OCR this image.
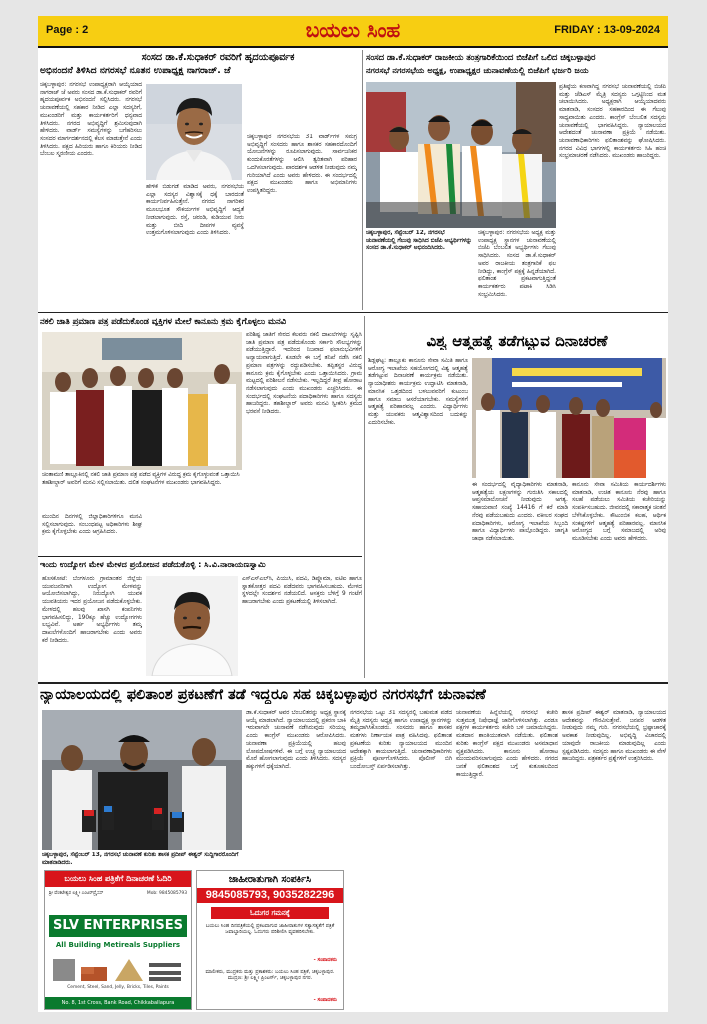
Page : 2	ಬಯಲು ಸಿಂಹ	FRIDAY : 13-09-2024
ಸಂಸದ ಡಾ.ಕೆ.ಸುಧಾಕರ್ ರವರಿಗೆ ಹೃದಯಪೂರ್ವಕ
ಅಭಿನಂದನೆ ತಿಳಿಸಿದ ನಗರಸಭೆ ನೂತನ ಉಪಾಧ್ಯಕ್ಷ ನಾಗರಾಜ್. ಜೆ
ಚಿಕ್ಕಬಳ್ಳಾಪುರ: ನಗರಸಭೆ ಉಪಾಧ್ಯಕ್ಷರಾಗಿ ಆಯ್ಕೆಯಾದ ನಾಗರಾಜ್ ಜೆ ಅವರು ಸಂಸದ ಡಾ.ಕೆ.ಸುಧಾಕರ್ ರವರಿಗೆ ಹೃದಯಪೂರ್ವಕ ಅಭಿನಂದನೆ ಸಲ್ಲಿಸಿದರು. ನಗರಸಭೆ ಚುನಾವಣೆಯಲ್ಲಿ ಸಹಕಾರ ನೀಡಿದ ಎಲ್ಲಾ ಸದಸ್ಯರಿಗೆ, ಮುಖಂಡರಿಗೆ ಮತ್ತು ಕಾರ್ಯಕರ್ತರಿಗೆ ಧನ್ಯವಾದ ತಿಳಿಸಿದರು. ನಗರದ ಅಭಿವೃದ್ಧಿಗೆ ಶ್ರಮಿಸುವುದಾಗಿ ಹೇಳಿದರು. ವಾರ್ಡ್ ಸಮಸ್ಯೆಗಳನ್ನು ಬಗೆಹರಿಸಲು ಸಂಸದರ ಮಾರ್ಗದರ್ಶನದಲ್ಲಿ ಕೆಲಸ ಮಾಡುತ್ತೇನೆ ಎಂದು ತಿಳಿಸಿದರು. ಪಕ್ಷದ ಹಿರಿಯರು ಹಾಗೂ ಕಿರಿಯರು ನೀಡಿದ ಬೆಂಬಲ ಸ್ಮರಣೀಯ ಎಂದರು.
ಹೇಳಿಕೆ ಬಿಡುಗಡೆ ಮಾಡಿದ ಅವರು, ನಗರಸಭೆಯ ಎಲ್ಲಾ ಸದಸ್ಯರ ವಿಶ್ವಾಸಕ್ಕೆ ಧಕ್ಕೆ ಬಾರದಂತೆ ಕಾರ್ಯನಿರ್ವಹಿಸುತ್ತೇನೆ. ನಗರದ ನಾಗರಿಕರ ಮೂಲಭೂತ ಸೌಕರ್ಯಗಳ ಅಭಿವೃದ್ಧಿಗೆ ಆದ್ಯತೆ ನೀಡಲಾಗುವುದು. ರಸ್ತೆ, ಚರಂಡಿ, ಕುಡಿಯುವ ನೀರು ಮತ್ತು ಬೀದಿ ದೀಪಗಳ ವ್ಯವಸ್ಥೆ ಉತ್ತಮಗೊಳಿಸಲಾಗುವುದು ಎಂದು ತಿಳಿಸಿದರು.
ಚಿಕ್ಕಬಳ್ಳಾಪುರ ನಗರಸಭೆಯ 31 ವಾರ್ಡ್‌ಗಳ ಸಮಗ್ರ ಅಭಿವೃದ್ಧಿಗೆ ಸಂಸದರು ಹಾಗೂ ಶಾಸಕರ ಸಹಕಾರದೊಂದಿಗೆ ಯೋಜನೆಗಳನ್ನು ರೂಪಿಸಲಾಗುವುದು. ಸಾರ್ವಜನಿಕರ ಕುಂದುಕೊರತೆಗಳನ್ನು ಆಲಿಸಿ ತ್ವರಿತವಾಗಿ ಪರಿಹಾರ ಒದಗಿಸಲಾಗುವುದು. ಪಾರದರ್ಶಕ ಆಡಳಿತ ನೀಡುವುದು ನಮ್ಮ ಗುರಿಯಾಗಿದೆ ಎಂದು ಅವರು ಹೇಳಿದರು. ಈ ಸಂದರ್ಭದಲ್ಲಿ ಪಕ್ಷದ ಮುಖಂಡರು ಹಾಗೂ ಅಭಿಮಾನಿಗಳು ಉಪಸ್ಥಿತರಿದ್ದರು.
ಸಂಸದ ಡಾ.ಕೆ.ಸುಧಾಕರ್ ರಾಜಕೀಯ ತಂತ್ರಗಾರಿಕೆಯಿಂದ ಬಿಜೆಪಿಗೆ ಒಲಿದ ಚಿಕ್ಕಬಳ್ಳಾಪುರ
ನಗರಸಭೆ ನಗರಸಭೆಯ ಅಧ್ಯಕ್ಷ, ಉಪಾಧ್ಯಕ್ಷರ ಚುನಾವಣೆಯಲ್ಲಿ ಬಿಜೆಪಿಗೆ ಭರ್ಜರಿ ಜಯ
ಚಿಕ್ಕಬಳ್ಳಾಪುರ, ಸೆಪ್ಟೆಂಬರ್ 12, ನಗರಸಭೆ ಚುನಾವಣೆಯಲ್ಲಿ ಗೆಲುವು ಸಾಧಿಸಿದ ಬಿಜೆಪಿ ಅಭ್ಯರ್ಥಿಗಳನ್ನು ಸಂಸದ ಡಾ.ಕೆ.ಸುಧಾಕರ್ ಅಭಿನಂದಿಸಿದರು.
ಚಿಕ್ಕಬಳ್ಳಾಪುರ: ನಗರಸಭೆಯ ಅಧ್ಯಕ್ಷ ಮತ್ತು ಉಪಾಧ್ಯಕ್ಷ ಸ್ಥಾನಗಳ ಚುನಾವಣೆಯಲ್ಲಿ ಬಿಜೆಪಿ ಬೆಂಬಲಿತ ಅಭ್ಯರ್ಥಿಗಳು ಗೆಲುವು ಸಾಧಿಸಿದರು. ಸಂಸದ ಡಾ.ಕೆ.ಸುಧಾಕರ್ ಅವರ ರಾಜಕೀಯ ತಂತ್ರಗಾರಿಕೆ ಫಲ ನೀಡಿದ್ದು, ಕಾಂಗ್ರೆಸ್ ಪಕ್ಷಕ್ಕೆ ಹಿನ್ನಡೆಯಾಗಿದೆ. ಫಲಿತಾಂಶ ಪ್ರಕಟವಾಗುತ್ತಿದ್ದಂತೆ ಕಾರ್ಯಕರ್ತರು ಪಟಾಕಿ ಸಿಡಿಸಿ ಸಂಭ್ರಮಿಸಿದರು.
ಪ್ರತಿಷ್ಠೆಯ ಕಣವಾಗಿದ್ದ ನಗರಸಭೆ ಚುನಾವಣೆಯಲ್ಲಿ ಬಿಜೆಪಿ ಮತ್ತು ಜೆಡಿಎಸ್ ಮೈತ್ರಿ ಸದಸ್ಯರು ಒಗ್ಗಟ್ಟಿನಿಂದ ಮತ ಚಲಾಯಿಸಿದರು. ಅಧ್ಯಕ್ಷರಾಗಿ ಆಯ್ಕೆಯಾದವರು ಮಾತನಾಡಿ, ಸಂಸದರ ಸಹಕಾರದಿಂದ ಈ ಗೆಲುವು ಸಾಧ್ಯವಾಯಿತು ಎಂದರು. ಕಾಂಗ್ರೆಸ್ ಬೆಂಬಲಿತ ಸದಸ್ಯರು ಚುನಾವಣೆಯಲ್ಲಿ ಭಾಗವಹಿಸಿದ್ದರು. ನ್ಯಾಯಾಲಯದ ಆದೇಶದಂತೆ ಚುನಾವಣಾ ಪ್ರಕ್ರಿಯೆ ನಡೆಯಿತು. ಚುನಾವಣಾಧಿಕಾರಿಗಳು ಫಲಿತಾಂಶವನ್ನು ಘೋಷಿಸಿದರು. ನಗರದ ವಿವಿಧ ಭಾಗಗಳಲ್ಲಿ ಕಾರ್ಯಕರ್ತರು ಸಿಹಿ ಹಂಚಿ ಸಂಭ್ರಮಾಚರಣೆ ನಡೆಸಿದರು. ಮುಖಂಡರು ಹಾಜರಿದ್ದರು.
ನಕಲಿ ಜಾತಿ ಪ್ರಮಾಣ ಪತ್ರ ಪಡೆದುಕೊಂಡ ವ್ಯಕ್ತಿಗಳ ಮೇಲೆ ಕಾನೂನು ಕ್ರಮ ಕೈಗೊಳ್ಳಲು ಮನವಿ
ಚಿಂತಾಮಣಿ ತಾಲ್ಲೂಕಿನಲ್ಲಿ ನಕಲಿ ಜಾತಿ ಪ್ರಮಾಣ ಪತ್ರ ಪಡೆದ ವ್ಯಕ್ತಿಗಳ ವಿರುದ್ಧ ಕ್ರಮ ಕೈಗೊಳ್ಳುವಂತೆ ಒತ್ತಾಯಿಸಿ ತಹಶೀಲ್ದಾರ್ ಅವರಿಗೆ ಮನವಿ ಸಲ್ಲಿಸಲಾಯಿತು. ದಲಿತ ಸಂಘಟನೆಗಳ ಮುಖಂಡರು ಭಾಗವಹಿಸಿದ್ದರು.
ಮುಂದಿನ ದಿನಗಳಲ್ಲಿ ಜಿಲ್ಲಾಧಿಕಾರಿಗಳಿಗೂ ಮನವಿ ಸಲ್ಲಿಸಲಾಗುವುದು. ಸಂಬಂಧಪಟ್ಟ ಅಧಿಕಾರಿಗಳು ಶೀಘ್ರ ಕ್ರಮ ಕೈಗೊಳ್ಳಬೇಕು ಎಂದು ಆಗ್ರಹಿಸಿದರು.
ಪರಿಶಿಷ್ಟ ಜಾತಿಗೆ ಸೇರದ ಕೆಲವರು ನಕಲಿ ದಾಖಲೆಗಳನ್ನು ಸೃಷ್ಟಿಸಿ ಜಾತಿ ಪ್ರಮಾಣ ಪತ್ರ ಪಡೆದುಕೊಂಡು ಸರ್ಕಾರಿ ಸೌಲಭ್ಯಗಳನ್ನು ಪಡೆಯುತ್ತಿದ್ದಾರೆ. ಇದರಿಂದ ನಿಜವಾದ ಫಲಾನುಭವಿಗಳಿಗೆ ಅನ್ಯಾಯವಾಗುತ್ತಿದೆ. ಕೂಡಲೇ ಈ ಬಗ್ಗೆ ತನಿಖೆ ನಡೆಸಿ ನಕಲಿ ಪ್ರಮಾಣ ಪತ್ರಗಳನ್ನು ರದ್ದುಪಡಿಸಬೇಕು. ತಪ್ಪಿತಸ್ಥರ ವಿರುದ್ಧ ಕಾನೂನು ಕ್ರಮ ಕೈಗೊಳ್ಳಬೇಕು ಎಂದು ಒತ್ತಾಯಿಸಿದರು. ಗ್ರಾಮ ಮಟ್ಟದಲ್ಲಿ ಪರಿಶೀಲನೆ ನಡೆಸಬೇಕು. ಇಲ್ಲದಿದ್ದರೆ ತೀವ್ರ ಹೋರಾಟ ನಡೆಸಲಾಗುವುದು ಎಂದು ಮುಖಂಡರು ಎಚ್ಚರಿಸಿದರು. ಈ ಸಂದರ್ಭದಲ್ಲಿ ಸಂಘಟನೆಯ ಪದಾಧಿಕಾರಿಗಳು ಹಾಗೂ ಸದಸ್ಯರು ಹಾಜರಿದ್ದರು. ತಹಶೀಲ್ದಾರ್ ಅವರು ಮನವಿ ಸ್ವೀಕರಿಸಿ ಕ್ರಮದ ಭರವಸೆ ನೀಡಿದರು.
ಇಂದು ಉದ್ಯೋಗ ಮೇಳ ಮೇಳದ ಪ್ರಯೋಜನ ಪಡೆದುಕೊಳ್ಳಿ : ಸಿ.ವಿ.ನಾರಾಯಣಸ್ವಾಮಿ
ಹೊಸಕೋಟೆ: ಬೆಂಗಳೂರು ಗ್ರಾಮಾಂತರ ಜಿಲ್ಲೆಯ ಯುವಜನರಿಗಾಗಿ ಉದ್ಯೋಗ ಮೇಳವನ್ನು ಆಯೋಜಿಸಲಾಗಿದ್ದು, ನಿರುದ್ಯೋಗಿ ಯುವಕ ಯುವತಿಯರು ಇದರ ಪ್ರಯೋಜನ ಪಡೆದುಕೊಳ್ಳಬೇಕು. ಮೇಳದಲ್ಲಿ ಹಲವು ಖಾಸಗಿ ಕಂಪನಿಗಳು ಭಾಗವಹಿಸಲಿದ್ದು, 190ಕ್ಕೂ ಹೆಚ್ಚು ಉದ್ಯೋಗಗಳು ಲಭ್ಯವಿವೆ. ಅರ್ಹ ಅಭ್ಯರ್ಥಿಗಳು ತಮ್ಮ ದಾಖಲೆಗಳೊಂದಿಗೆ ಹಾಜರಾಗಬೇಕು ಎಂದು ಅವರು ಕರೆ ನೀಡಿದರು.
ಎಸ್‌ಎಸ್‌ಎಲ್‌ಸಿ, ಪಿಯುಸಿ, ಪದವಿ, ಡಿಪ್ಲೊಮಾ, ಐಟಿಐ ಹಾಗೂ ಸ್ನಾತಕೋತ್ತರ ಪದವಿ ಪಡೆದವರು ಭಾಗವಹಿಸಬಹುದು. ಮೇಳದ ಸ್ಥಳದಲ್ಲೇ ಸಂದರ್ಶನ ನಡೆಯಲಿದೆ. ಆಸಕ್ತರು ಬೆಳಿಗ್ಗೆ 9 ಗಂಟೆಗೆ ಹಾಜರಾಗಬೇಕು ಎಂದು ಪ್ರಕಟಣೆಯಲ್ಲಿ ತಿಳಿಸಲಾಗಿದೆ.
ವಿಶ್ವ ಆತ್ಮಹತ್ಯೆ ತಡೆಗಟ್ಟುವ ದಿನಾಚರಣೆ
ಶಿಡ್ಲಘಟ್ಟ: ತಾಲ್ಲೂಕು ಕಾನೂನು ಸೇವಾ ಸಮಿತಿ ಹಾಗೂ ಆರೋಗ್ಯ ಇಲಾಖೆಯ ಸಹಯೋಗದಲ್ಲಿ ವಿಶ್ವ ಆತ್ಮಹತ್ಯೆ ತಡೆಗಟ್ಟುವ ದಿನಾಚರಣೆ ಕಾರ್ಯಕ್ರಮ ನಡೆಯಿತು. ನ್ಯಾಯಾಧೀಶರು ಕಾರ್ಯಕ್ರಮ ಉದ್ಘಾಟಿಸಿ ಮಾತನಾಡಿ, ಮಾನಸಿಕ ಒತ್ತಡದಿಂದ ಬಳಲುವವರಿಗೆ ಕುಟುಂಬ ಹಾಗೂ ಸಮಾಜ ಆಸರೆಯಾಗಬೇಕು. ಸಮಸ್ಯೆಗಳಿಗೆ ಆತ್ಮಹತ್ಯೆ ಪರಿಹಾರವಲ್ಲ ಎಂದರು. ವಿದ್ಯಾರ್ಥಿಗಳು ಮತ್ತು ಯುವಕರು ಆತ್ಮವಿಶ್ವಾಸದಿಂದ ಬದುಕನ್ನು ಎದುರಿಸಬೇಕು.
ಈ ಸಂದರ್ಭದಲ್ಲಿ ವೈದ್ಯಾಧಿಕಾರಿಗಳು ಮಾತನಾಡಿ, ಆತ್ಮಹತ್ಯೆಯ ಲಕ್ಷಣಗಳನ್ನು ಗುರುತಿಸಿ ಸಕಾಲದಲ್ಲಿ ಆಪ್ತಸಮಾಲೋಚನೆ ನೀಡುವುದು ಅಗತ್ಯ. ಸಹಾಯವಾಣಿ ಸಂಖ್ಯೆ 14416 ಗೆ ಕರೆ ಮಾಡಿ ನೆರವು ಪಡೆಯಬಹುದು ಎಂದರು. ವಕೀಲರ ಸಂಘದ ಪದಾಧಿಕಾರಿಗಳು, ಆರೋಗ್ಯ ಇಲಾಖೆಯ ಸಿಬ್ಬಂದಿ ಹಾಗೂ ವಿದ್ಯಾರ್ಥಿಗಳು ಪಾಲ್ಗೊಂಡಿದ್ದರು. ಜಾಗೃತಿ ಜಾಥಾ ನಡೆಸಲಾಯಿತು.
ಕಾನೂನು ಸೇವಾ ಸಮಿತಿಯ ಕಾರ್ಯದರ್ಶಿಗಳು ಮಾತನಾಡಿ, ಉಚಿತ ಕಾನೂನು ನೆರವು ಹಾಗೂ ಸಲಹೆ ಪಡೆಯಲು ಸಮಿತಿಯ ಕಚೇರಿಯನ್ನು ಸಂಪರ್ಕಿಸಬಹುದು. ಜೀವನದಲ್ಲಿ ಸಕಾರಾತ್ಮಕ ಚಿಂತನೆ ಬೆಳೆಸಿಕೊಳ್ಳಬೇಕು. ಕೌಟುಂಬಿಕ ಕಲಹ, ಆರ್ಥಿಕ ಸಂಕಷ್ಟಗಳಿಗೆ ಆತ್ಮಹತ್ಯೆ ಪರಿಹಾರವಲ್ಲ. ಮಾನಸಿಕ ಆರೋಗ್ಯದ ಬಗ್ಗೆ ಸಮಾಜದಲ್ಲಿ ಅರಿವು ಮೂಡಿಸಬೇಕು ಎಂದು ಅವರು ಹೇಳಿದರು.
ನ್ಯಾಯಾಲಯದಲ್ಲಿ ಫಲಿತಾಂಶ ಪ್ರಕಟಣೆಗೆ ತಡೆ ಇದ್ದರೂ ಸಹ ಚಿಕ್ಕಬಳ್ಳಾಪುರ ನಗರಸಭೆಗೆ ಚುನಾವಣೆ
ಚಿಕ್ಕಬಳ್ಳಾಪುರ, ಸೆಪ್ಟೆಂಬರ್ 13, ನಗರಸಭೆ ಚುನಾವಣೆ ಕುರಿತು ಶಾಸಕ ಪ್ರದೀಪ್ ಈಶ್ವರ್ ಸುದ್ದಿಗಾರರೊಂದಿಗೆ ಮಾತನಾಡಿದರು.
ಡಾ.ಕೆ.ಸುಧಾಕರ್ ಅವರ ಬೆಂಬಲಿತರನ್ನು ಅಧ್ಯಕ್ಷ ಸ್ಥಾನಕ್ಕೆ ಆಯ್ಕೆ ಮಾಡಲಾಗಿದೆ. ನ್ಯಾಯಾಲಯದಲ್ಲಿ ಪ್ರಕರಣ ಬಾಕಿ ಇರುವಾಗಲೇ ಚುನಾವಣೆ ನಡೆಸಿರುವುದು ಸರಿಯಲ್ಲ ಎಂದು ಕಾಂಗ್ರೆಸ್ ಮುಖಂಡರು ಆರೋಪಿಸಿದರು. ಚುನಾವಣಾ ಪ್ರಕ್ರಿಯೆಯಲ್ಲಿ ಹಲವು ಲೋಪದೋಷಗಳಿವೆ. ಈ ಬಗ್ಗೆ ಉಚ್ಚ ನ್ಯಾಯಾಲಯದ ಮೊರೆ ಹೋಗಲಾಗುವುದು ಎಂದು ತಿಳಿಸಿದರು. ಸದಸ್ಯರ ಹಕ್ಕುಗಳಿಗೆ ಧಕ್ಕೆಯಾಗಿದೆ.
ನಗರಸಭೆಯ ಒಟ್ಟು 31 ಸದಸ್ಯರಲ್ಲಿ ಬಹುಮತ ಪಡೆದ ಮೈತ್ರಿ ಸದಸ್ಯರು ಅಧ್ಯಕ್ಷ ಹಾಗೂ ಉಪಾಧ್ಯಕ್ಷ ಸ್ಥಾನಗಳನ್ನು ತಮ್ಮದಾಗಿಸಿಕೊಂಡರು. ಸಂಸದರು ಹಾಗೂ ಶಾಸಕರ ಮತಗಳು ನಿರ್ಣಾಯಕ ಪಾತ್ರ ವಹಿಸಿದವು. ಫಲಿತಾಂಶ ಪ್ರಕಟಣೆಯ ಕುರಿತು ನ್ಯಾಯಾಲಯದ ಮುಂದಿನ ಆದೇಶಕ್ಕಾಗಿ ಕಾಯಲಾಗುತ್ತಿದೆ. ಚುನಾವಣಾಧಿಕಾರಿಗಳು ಪ್ರಕ್ರಿಯೆ ಪೂರ್ಣಗೊಳಿಸಿದರು. ಪೊಲೀಸ್ ಬಿಗಿ ಬಂದೋಬಸ್ತ್ ಏರ್ಪಡಿಸಲಾಗಿತ್ತು.
ಚುನಾವಣೆಯ ಹಿನ್ನೆಲೆಯಲ್ಲಿ ನಗರಸಭೆ ಕಚೇರಿ ಸುತ್ತಮುತ್ತ ನಿಷೇಧಾಜ್ಞೆ ಜಾರಿಗೊಳಿಸಲಾಗಿತ್ತು. ಎರಡೂ ಪಕ್ಷಗಳ ಕಾರ್ಯಕರ್ತರು ಕಚೇರಿ ಬಳಿ ಜಮಾಯಿಸಿದ್ದರು. ಮತದಾನ ಶಾಂತಿಯುತವಾಗಿ ನಡೆಯಿತು. ಫಲಿತಾಂಶ ಕುರಿತು ಕಾಂಗ್ರೆಸ್ ಪಕ್ಷದ ಮುಖಂಡರು ಅಸಮಾಧಾನ ವ್ಯಕ್ತಪಡಿಸಿದರು. ಕಾನೂನು ಹೋರಾಟ ಮುಂದುವರಿಸಲಾಗುವುದು ಎಂದು ಹೇಳಿದರು. ನಗರದ ಜನತೆ ಫಲಿತಾಂಶದ ಬಗ್ಗೆ ಕುತೂಹಲದಿಂದ ಕಾಯುತ್ತಿದ್ದಾರೆ.
ಶಾಸಕ ಪ್ರದೀಪ್ ಈಶ್ವರ್ ಮಾತನಾಡಿ, ನ್ಯಾಯಾಲಯದ ಆದೇಶವನ್ನು ಗೌರವಿಸುತ್ತೇವೆ. ಜನಪರ ಆಡಳಿತ ನೀಡುವುದು ನಮ್ಮ ಗುರಿ. ನಗರಸಭೆಯಲ್ಲಿ ಭ್ರಷ್ಟಾಚಾರಕ್ಕೆ ಅವಕಾಶ ನೀಡುವುದಿಲ್ಲ. ಅಭಿವೃದ್ಧಿ ವಿಚಾರದಲ್ಲಿ ಯಾವುದೇ ರಾಜಕೀಯ ಮಾಡುವುದಿಲ್ಲ ಎಂದು ಸ್ಪಷ್ಟಪಡಿಸಿದರು. ಸದಸ್ಯರು ಹಾಗೂ ಮುಖಂಡರು ಈ ವೇಳೆ ಹಾಜರಿದ್ದರು. ಪತ್ರಕರ್ತರ ಪ್ರಶ್ನೆಗಳಿಗೆ ಉತ್ತರಿಸಿದರು.
ಬಯಲು ಸಿಂಹ ಪತ್ರಿಕೆಗೆ ದಿನಾಚರಣೆ ಓದಿರಿ
ಶ್ರೀ ವೆಂಕಟೇಶ್ವರ ಲಕ್ಷ್ಮೀ ಎಂಟರ್‌ಪ್ರೈಸಸ್	Mob: 9845085793
SLV ENTERPRISES
All Building Metireals Suppliers
Cement, Steel, Sand, Jelly, Bricks, Tiles, Paints
No. 8, 1st Cross, Bank Road, Chikkaballapura
ಜಾಹೀರಾತುಗಾಗಿ ಸಂಪರ್ಕಿಸಿ
9845085793, 9035282296
ಓದುಗರ ಗಮನಕ್ಕೆ
ಬಯಲು ಸಿಂಹ ದಿನಪತ್ರಿಕೆಯಲ್ಲಿ ಪ್ರಕಟವಾಗುವ ಜಾಹೀರಾತುಗಳ ಸತ್ಯಾಸತ್ಯತೆಗೆ ಪತ್ರಿಕೆ ಜವಾಬ್ದಾರಿಯಲ್ಲ. ಓದುಗರು ಪರಿಶೀಲಿಸಿ ವ್ಯವಹರಿಸಬೇಕು.
- ಸಂಪಾದಕರು
ಮಾಲೀಕರು, ಮುದ್ರಕರು ಮತ್ತು ಪ್ರಕಾಶಕರು: ಬಯಲು ಸಿಂಹ ಪತ್ರಿಕೆ, ಚಿಕ್ಕಬಳ್ಳಾಪುರ. ಮುದ್ರಣ: ಶ್ರೀ ಲಕ್ಷ್ಮೀ ಪ್ರಿಂಟರ್ಸ್, ಚಿಕ್ಕಬಳ್ಳಾಪುರ ನಗರ.
- ಸಂಪಾದಕರು
